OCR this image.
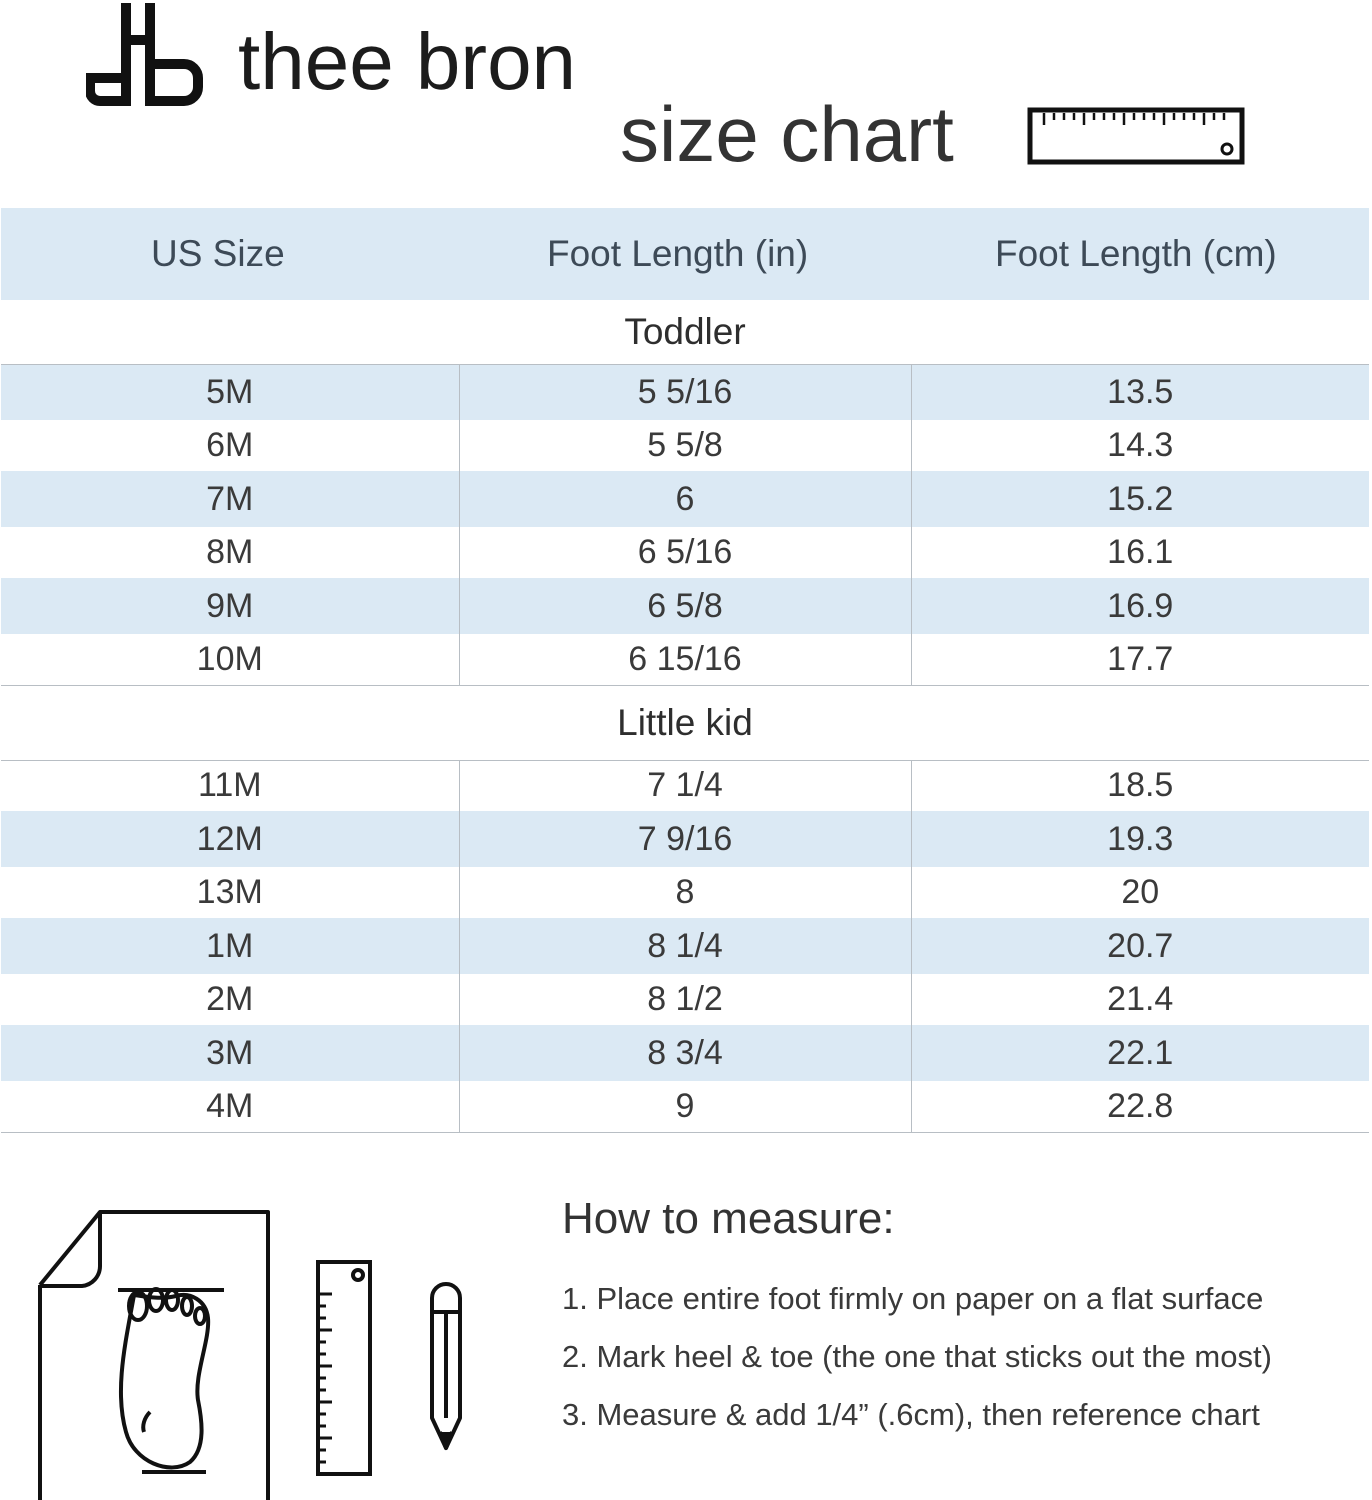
thee bron
size chart
US Size	Foot Length (in)	Foot Length (cm)
Toddler		
5M	5 5/16	13.5
6M	5 5/8	14.3
7M	6	15.2
8M	6 5/16	16.1
9M	6 5/8	16.9
10M	6 15/16	17.7
Little kid		
11M	7 1/4	18.5
12M	7 9/16	19.3
13M	8	20
1M	8 1/4	20.7
2M	8 1/2	21.4
3M	8 3/4	22.1
4M	9	22.8
How to measure:
1. Place entire foot firmly on paper on a flat surface
2. Mark heel & toe (the one that sticks out the most)
3. Measure & add 1/4” (.6cm), then reference chart
